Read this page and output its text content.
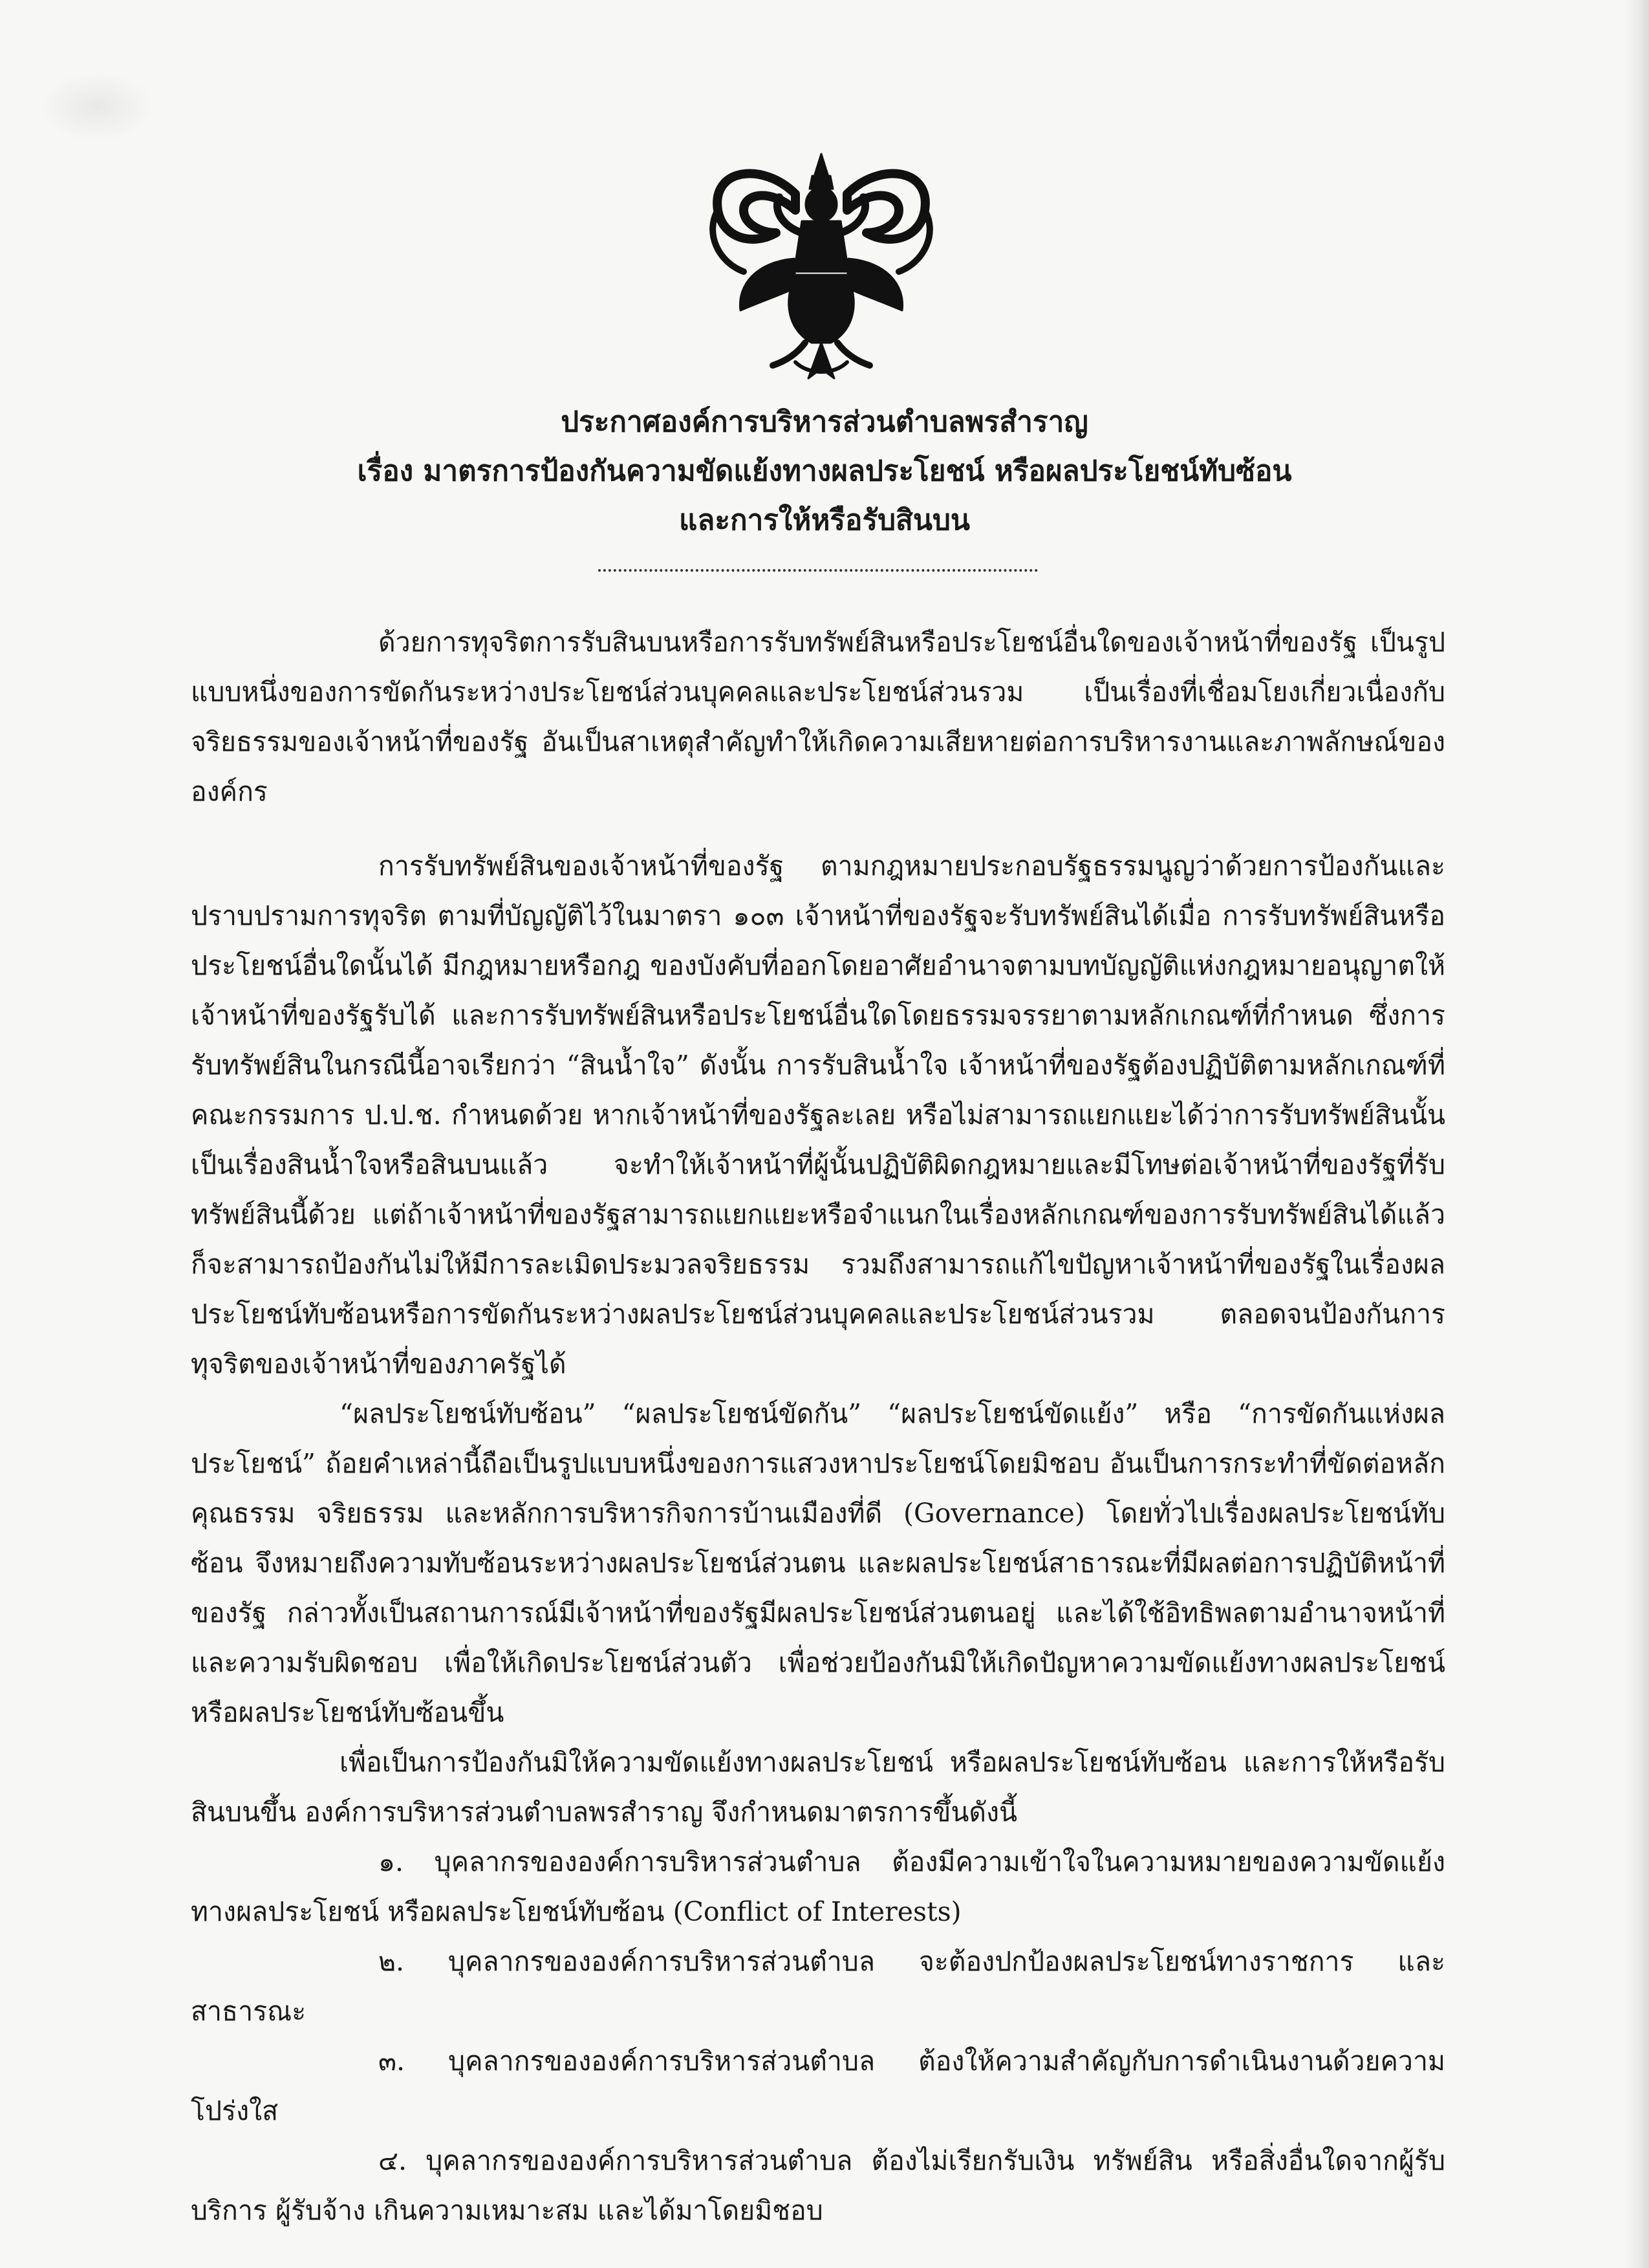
ประกาศองค์การบริหารส่วนตำบลพรสำราญ
เรื่อง มาตรการป้องกันความขัดแย้งทางผลประโยชน์ หรือผลประโยชน์ทับซ้อน
และการให้หรือรับสินบน

ด้วยการทุจริตการรับสินบนหรือการรับทรัพย์สินหรือประโยชน์อื่นใดของเจ้าหน้าที่ของรัฐ เป็นรูปแบบหนึ่งของการขัดกันระหว่างประโยชน์ส่วนบุคคลและประโยชน์ส่วนรวม เป็นเรื่องที่เชื่อมโยงเกี่ยวเนื่องกับจริยธรรมของเจ้าหน้าที่ของรัฐ อันเป็นสาเหตุสำคัญทำให้เกิดความเสียหายต่อการบริหารงานและภาพลักษณ์ขององค์กร

การรับทรัพย์สินของเจ้าหน้าที่ของรัฐ ตามกฎหมายประกอบรัฐธรรมนูญว่าด้วยการป้องกันและปราบปรามการทุจริต ตามที่บัญญัติไว้ในมาตรา ๑๐๓ เจ้าหน้าที่ของรัฐจะรับทรัพย์สินได้เมื่อ การรับทรัพย์สินหรือประโยชน์อื่นใดนั้นได้ มีกฎหมายหรือกฎ ของบังคับที่ออกโดยอาศัยอำนาจตามบทบัญญัติแห่งกฎหมายอนุญาตให้เจ้าหน้าที่ของรัฐรับได้ และการรับทรัพย์สินหรือประโยชน์อื่นใดโดยธรรมจรรยาตามหลักเกณฑ์ที่กำหนด ซึ่งการรับทรัพย์สินในกรณีนี้อาจเรียกว่า “สินน้ำใจ” ดังนั้น การรับสินน้ำใจ เจ้าหน้าที่ของรัฐต้องปฏิบัติตามหลักเกณฑ์ที่คณะกรรมการ ป.ป.ช. กำหนดด้วย หากเจ้าหน้าที่ของรัฐละเลย หรือไม่สามารถแยกแยะได้ว่าการรับทรัพย์สินนั้นเป็นเรื่องสินน้ำใจหรือสินบนแล้ว จะทำให้เจ้าหน้าที่ผู้นั้นปฏิบัติผิดกฎหมายและมีโทษต่อเจ้าหน้าที่ของรัฐที่รับทรัพย์สินนี้ด้วย แต่ถ้าเจ้าหน้าที่ของรัฐสามารถแยกแยะหรือจำแนกในเรื่องหลักเกณฑ์ของการรับทรัพย์สินได้แล้ว ก็จะสามารถป้องกันไม่ให้มีการละเมิดประมวลจริยธรรม รวมถึงสามารถแก้ไขปัญหาเจ้าหน้าที่ของรัฐในเรื่องผลประโยชน์ทับซ้อนหรือการขัดกันระหว่างผลประโยชน์ส่วนบุคคลและประโยชน์ส่วนรวม ตลอดจนป้องกันการทุจริตของเจ้าหน้าที่ของภาครัฐได้

“ผลประโยชน์ทับซ้อน” “ผลประโยชน์ขัดกัน” “ผลประโยชน์ขัดแย้ง” หรือ “การขัดกันแห่งผลประโยชน์” ถ้อยคำเหล่านี้ถือเป็นรูปแบบหนึ่งของการแสวงหาประโยชน์โดยมิชอบ อันเป็นการกระทำที่ขัดต่อหลักคุณธรรม จริยธรรม และหลักการบริหารกิจการบ้านเมืองที่ดี (Governance) โดยทั่วไปเรื่องผลประโยชน์ทับซ้อน จึงหมายถึงความทับซ้อนระหว่างผลประโยชน์ส่วนตน และผลประโยชน์สาธารณะที่มีผลต่อการปฏิบัติหน้าที่ของรัฐ กล่าวทั้งเป็นสถานการณ์มีเจ้าหน้าที่ของรัฐมีผลประโยชน์ส่วนตนอยู่ และได้ใช้อิทธิพลตามอำนาจหน้าที่และความรับผิดชอบ เพื่อให้เกิดประโยชน์ส่วนตัว เพื่อช่วยป้องกันมิให้เกิดปัญหาความขัดแย้งทางผลประโยชน์หรือผลประโยชน์ทับซ้อนขึ้น

เพื่อเป็นการป้องกันมิให้ความขัดแย้งทางผลประโยชน์ หรือผลประโยชน์ทับซ้อน และการให้หรือรับสินบนขึ้น องค์การบริหารส่วนตำบลพรสำราญ จึงกำหนดมาตรการขึ้นดังนี้

๑. บุคลากรขององค์การบริหารส่วนตำบล ต้องมีความเข้าใจในความหมายของความขัดแย้งทางผลประโยชน์ หรือผลประโยชน์ทับซ้อน (Conflict of Interests)

๒. บุคลากรขององค์การบริหารส่วนตำบล จะต้องปกป้องผลประโยชน์ทางราชการ และสาธารณะ

๓. บุคลากรขององค์การบริหารส่วนตำบล ต้องให้ความสำคัญกับการดำเนินงานด้วยความโปร่งใส

๔. บุคลากรขององค์การบริหารส่วนตำบล ต้องไม่เรียกรับเงิน ทรัพย์สิน หรือสิ่งอื่นใดจากผู้รับบริการ ผู้รับจ้าง เกินความเหมาะสม และได้มาโดยมิชอบ
